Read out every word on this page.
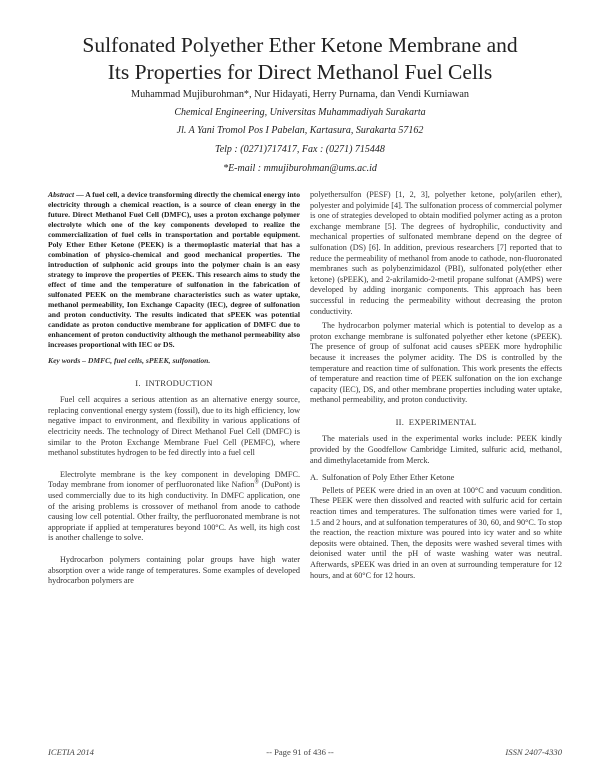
Sulfonated Polyether Ether Ketone Membrane and
Its Properties for Direct Methanol Fuel Cells
Muhammad Mujiburohman*, Nur Hidayati, Herry Purnama, dan Vendi Kurniawan
Chemical Engineering, Universitas Muhammadiyah Surakarta
Jl. A Yani Tromol Pos I Pabelan, Kartasura, Surakarta 57162
Telp : (0271)717417, Fax : (0271) 715448
*E-mail : mmujiburohman@ums.ac.id

Abstract — A fuel cell, a device transforming directly the chemical energy into electricity through a chemical reaction, is a source of clean energy in the future. Direct Methanol Fuel Cell (DMFC), uses a proton exchange polymer electrolyte which one of the key components developed to realize the commercialization of fuel cells in transportation and portable equipment. Poly Ether Ether Ketone (PEEK) is a thermoplastic material that has a combination of physico-chemical and good mechanical properties. The introduction of sulphonic acid groups into the polymer chain is an easy strategy to improve the properties of PEEK. This research aims to study the effect of time and the temperature of sulfonation in the fabrication of sulfonated PEEK on the membrane characteristics such as water uptake, methanol permeability, Ion Exchange Capacity (IEC), degree of sulfonation and proton conductivity. The results indicated that sPEEK was potential candidate as proton conductive membrane for application of DMFC due to enhancement of proton conductivity although the methanol permeability also increases proportional with IEC or DS.

Key words – DMFC, fuel cells, sPEEK, sulfonation.

I. INTRODUCTION

Fuel cell acquires a serious attention as an alternative energy source, replacing conventional energy system (fossil), due to its high efficiency, low negative impact to environment, and flexibility in various applications of electricity needs. The technology of Direct Methanol Fuel Cell (DMFC) is similar to the Proton Exchange Membrane Fuel Cell (PEMFC), where methanol substitutes hydrogen to be fed directly into a fuel cell

Electrolyte membrane is the key component in developing DMFC. Today membrane from ionomer of perfluoronated like Nafion® (DuPont) is used commercially due to its high conductivity. In DMFC application, one of the arising problems is crossover of methanol from anode to cathode causing low cell potential. Other frailty, the perfluoronated membrane is not appropriate if applied at temperatures beyond 100°C. As well, its high cost is another challenge to solve.

Hydrocarbon polymers containing polar groups have high water absorption over a wide range of temperatures. Some examples of developed hydrocarbon polymers are

polyethersulfon (PESF) [1, 2, 3], polyether ketone, poly(arilen ether), polyester and polyimide [4]. The sulfonation process of commercial polymer is one of strategies developed to obtain modified polymer acting as a proton exchange membrane [5]. The degrees of hydrophilic, conductivity and mechanical properties of sulfonated membrane depend on the degree of sulfonation (DS) [6]. In addition, previous researchers [7] reported that to reduce the permeability of methanol from anode to cathode, non-fluoronated membranes such as polybenzimidazol (PBI), sulfonated poly(ether ether ketone) (sPEEK), and 2-akrilamido-2-metil propane sulfonat (AMPS) were developed by adding inorganic components. This approach has been successful in reducing the permeability without decreasing the proton conductivity.

The hydrocarbon polymer material which is potential to develop as a proton exchange membrane is sulfonated polyether ether ketone (sPEEK). The presence of group of sulfonat acid causes sPEEK more hydrophilic because it increases the polymer acidity. The DS is controlled by the temperature and reaction time of sulfonation. This work presents the effects of temperature and reaction time of PEEK sulfonation on the ion exchange capacity (IEC), DS, and other membrane properties including water uptake, methanol permeability, and proton conductivity.

II. EXPERIMENTAL

The materials used in the experimental works include: PEEK kindly provided by the Goodfellow Cambridge Limited, sulfuric acid, methanol, and dimethylacetamide from Merck.

A. Sulfonation of Poly Ether Ether Ketone

Pellets of PEEK were dried in an oven at 100°C and vacuum condition. These PEEK were then dissolved and reacted with sulfuric acid for certain reaction times and temperatures. The sulfonation times were varied for 1, 1.5 and 2 hours, and at sulfonation temperatures of 30, 60, and 90°C. To stop the reaction, the reaction mixture was poured into icy water and so white deposits were obtained. Then, the deposits were washed several times with deionised water until the pH of waste washing water was neutral. Afterwards, sPEEK was dried in an oven at surrounding temperature for 12 hours, and at 60°C for 12 hours.

ICETIA 2014	-- Page 91 of 436 --	ISSN 2407-4330
